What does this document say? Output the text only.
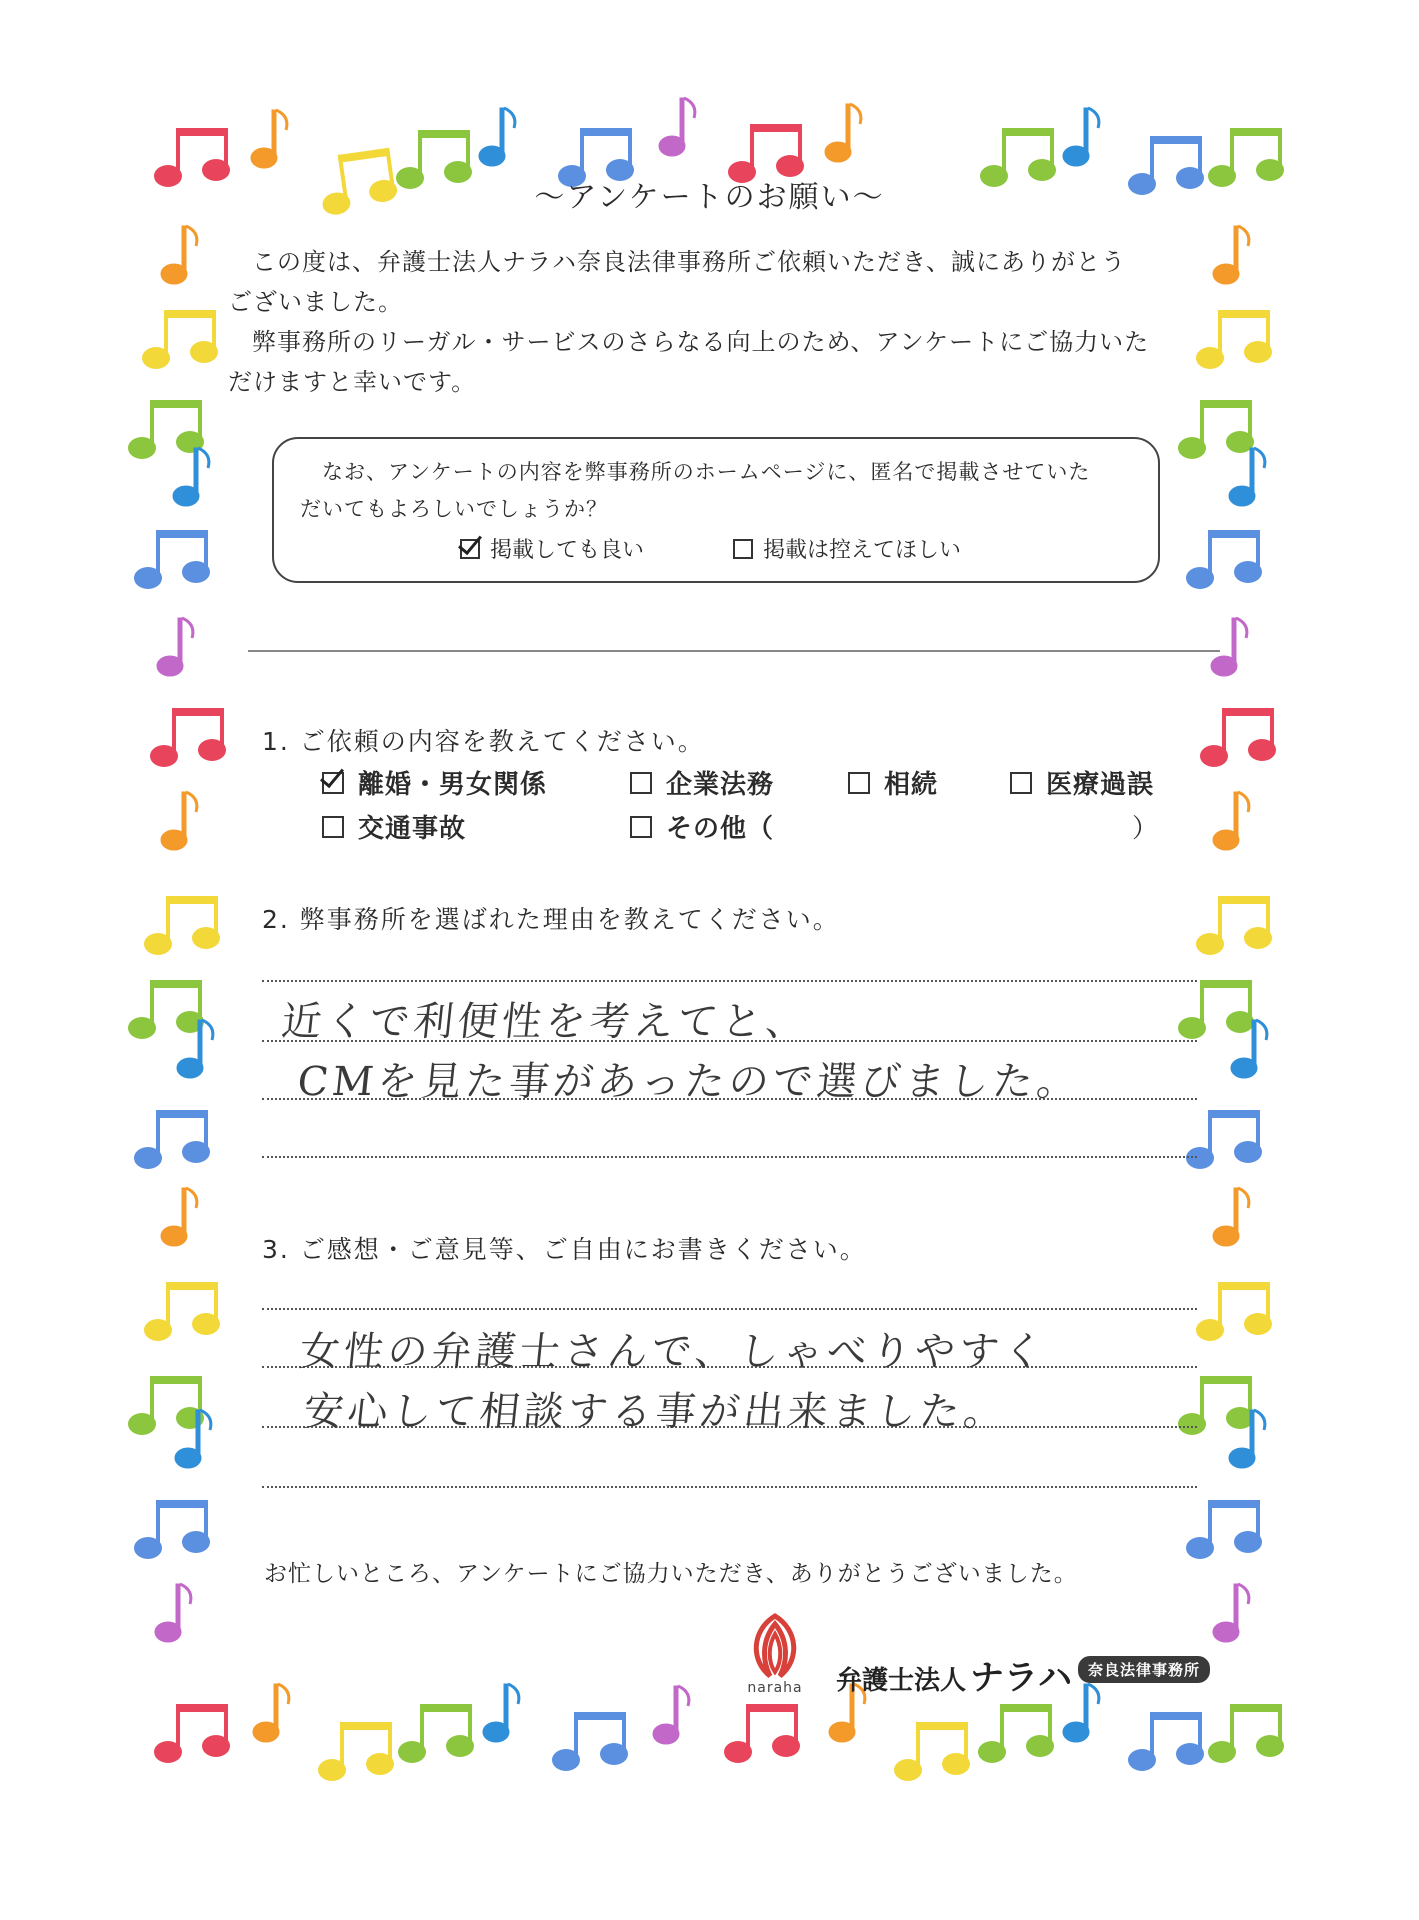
～アンケートのお願い～
この度は、弁護士法人ナラハ奈良法律事務所ご依頼いただき、誠にありがとう
ございました。
弊事務所のリーガル・サービスのさらなる向上のため、アンケートにご協力いた
だけますと幸いです。
なお、アンケートの内容を弊事務所のホームページに、匿名で掲載させていた
だいてもよろしいでしょうか？
掲載しても良い	掲載は控えてほしい
1. ご依頼の内容を教えてください。
離婚・男女関係	企業法務	相続	医療過誤
交通事故	その他（	）
2. 弊事務所を選ばれた理由を教えてください。
近くで利便性を考えてと、
CMを見た事があったので選びました。
3. ご感想・ご意見等、ご自由にお書きください。
女性の弁護士さんで、しゃべりやすく
安心して相談する事が出来ました。
お忙しいところ、アンケートにご協力いただき、ありがとうございました。
naraha 弁護士法人 ナラハ	奈良法律事務所
